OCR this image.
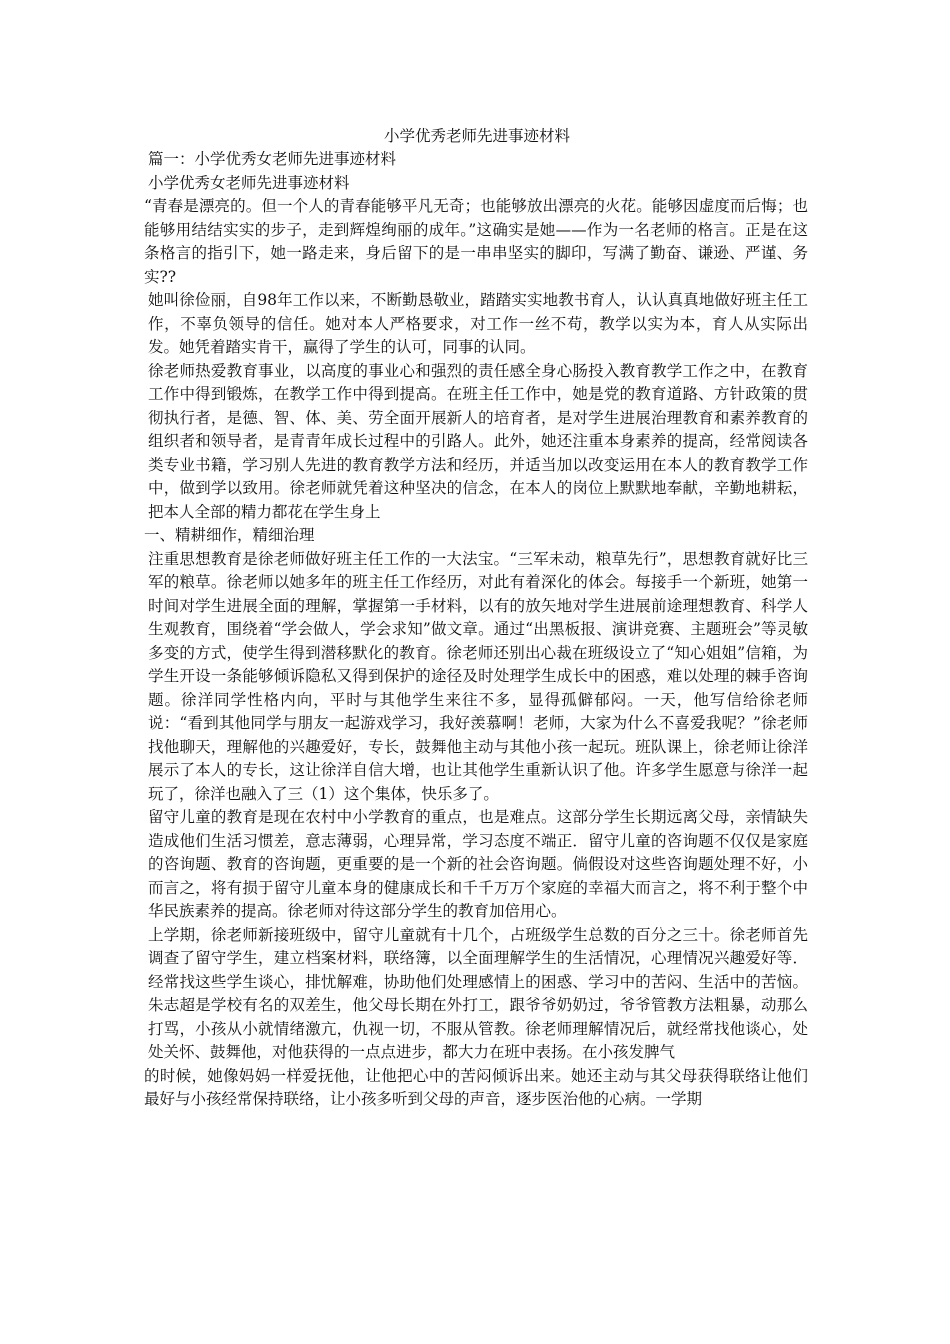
小学优秀老师先进事迹材料

篇一：小学优秀女老师先进事迹材料

小学优秀女老师先进事迹材料

“青春是漂亮的。但一个人的青春能够平凡无奇；也能够放出漂亮的火花。能够因虚度而后悔；也能够用结结实实的步子，走到辉煌绚丽的成年。”这确实是她——作为一名老师的格言。正是在这条格言的指引下，她一路走来，身后留下的是一串串坚实的脚印，写满了勤奋、谦逊、严谨、务实??

她叫徐俭丽，自98年工作以来，不断勤恳敬业，踏踏实实地教书育人，认认真真地做好班主任工作，不辜负领导的信任。她对本人严格要求，对工作一丝不苟，教学以实为本，育人从实际出发。她凭着踏实肯干，赢得了学生的认可，同事的认同。

徐老师热爱教育事业，以高度的事业心和强烈的责任感全身心肠投入教育教学工作之中，在教育工作中得到锻炼，在教学工作中得到提高。在班主任工作中，她是党的教育道路、方针政策的贯彻执行者，是德、智、体、美、劳全面开展新人的培育者，是对学生进展治理教育和素养教育的组织者和领导者，是青青年成长过程中的引路人。此外，她还注重本身素养的提高，经常阅读各类专业书籍，学习别人先进的教育教学方法和经历，并适当加以改变运用在本人的教育教学工作中，做到学以致用。徐老师就凭着这种坚决的信念，在本人的岗位上默默地奉献，辛勤地耕耘，把本人全部的精力都花在学生身上

一、精耕细作，精细治理

注重思想教育是徐老师做好班主任工作的一大法宝。“三军未动，粮草先行”，思想教育就好比三军的粮草。徐老师以她多年的班主任工作经历，对此有着深化的体会。每接手一个新班，她第一时间对学生进展全面的理解，掌握第一手材料，以有的放矢地对学生进展前途理想教育、科学人生观教育，围绕着“学会做人，学会求知”做文章。通过“出黑板报、演讲竞赛、主题班会”等灵敏多变的方式，使学生得到潜移默化的教育。徐老师还别出心裁在班级设立了“知心姐姐”信箱，为学生开设一条能够倾诉隐私又得到保护的途径及时处理学生成长中的困惑，难以处理的棘手咨询题。徐洋同学性格内向，平时与其他学生来往不多，显得孤僻郁闷。一天，他写信给徐老师说：“看到其他同学与朋友一起游戏学习，我好羡慕啊！老师，大家为什么不喜爱我呢？”徐老师找他聊天，理解他的兴趣爱好，专长，鼓舞他主动与其他小孩一起玩。班队课上，徐老师让徐洋展示了本人的专长，这让徐洋自信大增，也让其他学生重新认识了他。许多学生愿意与徐洋一起玩了，徐洋也融入了三（1）这个集体，快乐多了。

留守儿童的教育是现在农村中小学教育的重点，也是难点。这部分学生长期远离父母，亲情缺失造成他们生活习惯差，意志薄弱，心理异常，学习态度不端正．留守儿童的咨询题不仅仅是家庭的咨询题、教育的咨询题，更重要的是一个新的社会咨询题。倘假设对这些咨询题处理不好，小而言之，将有损于留守儿童本身的健康成长和千千万万个家庭的幸福大而言之，将不利于整个中华民族素养的提高。徐老师对待这部分学生的教育加倍用心。

上学期，徐老师新接班级中，留守儿童就有十几个，占班级学生总数的百分之三十。徐老师首先调查了留守学生，建立档案材料，联络簿，以全面理解学生的生活情况，心理情况兴趣爱好等．经常找这些学生谈心，排忧解难，协助他们处理感情上的困惑、学习中的苦闷、生活中的苦恼。朱志超是学校有名的双差生，他父母长期在外打工，跟爷爷奶奶过，爷爷管教方法粗暴，动那么打骂，小孩从小就情绪激亢，仇视一切，不服从管教。徐老师理解情况后，就经常找他谈心，处处关怀、鼓舞他，对他获得的一点点进步，都大力在班中表扬。在小孩发脾气

的时候，她像妈妈一样爱抚他，让他把心中的苦闷倾诉出来。她还主动与其父母获得联络让他们最好与小孩经常保持联络，让小孩多听到父母的声音，逐步医治他的心病。一学期
